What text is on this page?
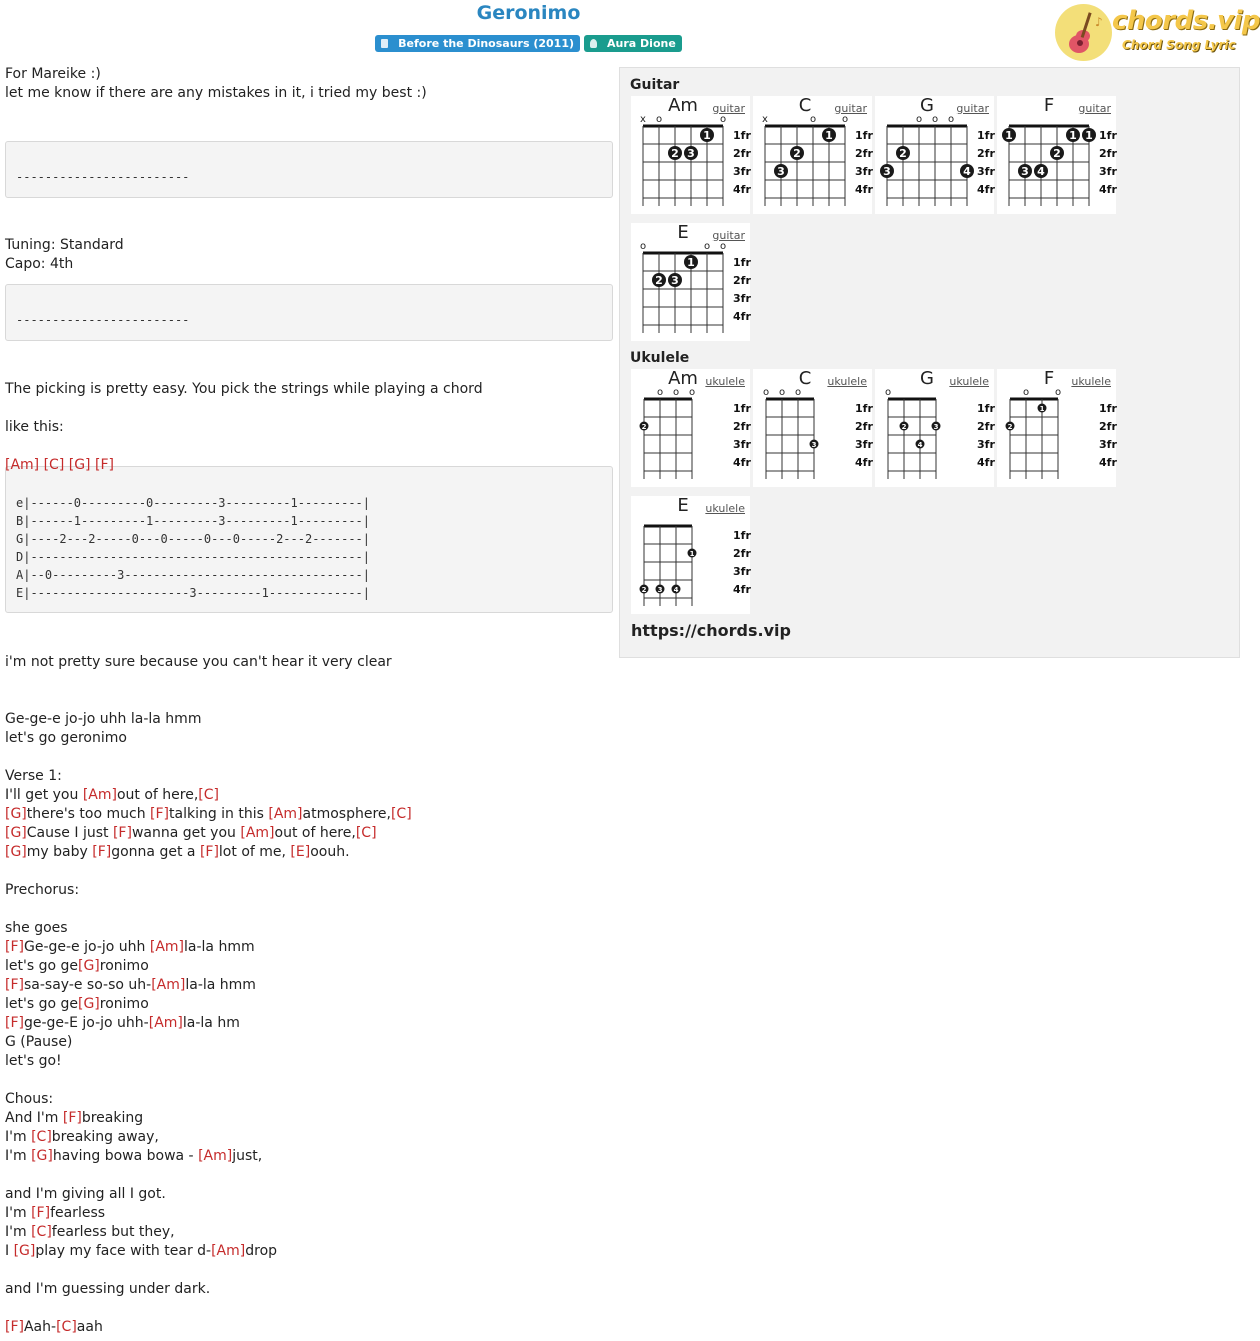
Geronimo
Before the Dinosaurs (2011)	Aura Dione
♪ chords.vip
Chord Song Lyric
For Mareike :)
let me know if there are any mistakes in it, i tried my best :)
------------------------
Tuning: Standard
Capo: 4th
------------------------
The picking is pretty easy. You pick the strings while playing a chord
like this:
[Am] [C] [G] [F]
e|------0---------0---------3---------1---------|
B|------1---------1---------3---------1---------|
G|----2---2-----0---0-----0---0-----2---2-------|
D|----------------------------------------------|
A|--0---------3---------------------------------|
E|----------------------3---------1-------------|
i'm not pretty sure because you can't hear it very clear
Ge-ge-e jo-jo uhh la-la hmm
let's go geronimo
Verse 1:
I'll get you [Am]out of here,[C]
[G]there's too much [F]talking in this [Am]atmosphere,[C]
[G]Cause I just [F]wanna get you [Am]out of here,[C]
[G]my baby [F]gonna get a [F]lot of me, [E]oouh.
Prechorus:
she goes
[F]Ge-ge-e jo-jo uhh [Am]la-la hmm
let's go ge[G]ronimo
[F]sa-say-e so-so uh-[Am]la-la hmm
let's go ge[G]ronimo
[F]ge-ge-E jo-jo uhh-[Am]la-la hm
G (Pause)
let's go!
Chous:
And I'm [F]breaking
I'm [C]breaking away,
I'm [G]having bowa bowa - [Am]just,
and I'm giving all I got.
I'm [F]fearless
I'm [C]fearless but they,
I [G]play my face with tear d-[Am]drop
and I'm guessing under dark.
[F]Aah-[C]aah
Guitar
Ukulele
x o	o
1fr
2fr
3fr
4fr
1
2 3
Am	guitar
x	o	o
1fr
2fr
3fr
4fr
1
2
3
C	guitar
o o o
1fr
2fr
3fr
4fr
2
3	4
G	guitar
1fr
2fr
3fr
4fr
1	1 1
2
3 4
F	guitar
o	o o
1fr
2fr
3fr
4fr
1
2 3
E	guitar
o o o
1fr
2fr
3fr
4fr
2
Am ukulele
o o o
1fr
2fr
3fr
4fr
3
C	ukulele
o
1fr
2fr
3fr
4fr
2	3
4
G	ukulele
o	o
1fr
2fr
3fr
4fr
1
2
F	ukulele
1fr
2fr
3fr
4fr
1
2 3 4
E	ukulele
https://chords.vip
